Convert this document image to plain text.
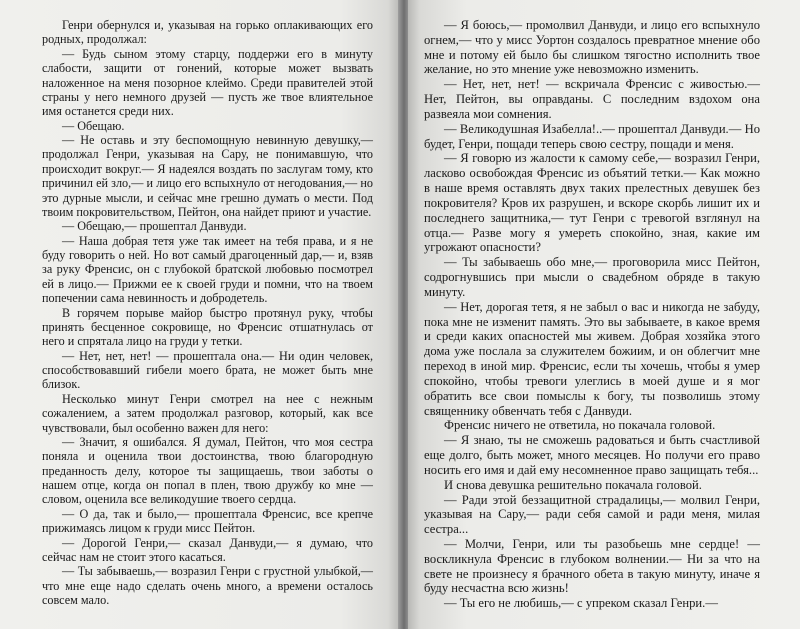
Генри обернулся и, указывая на горько оплакивающих его родных, продолжал:

— Будь сыном этому старцу, поддержи его в минуту слабости, защити от гонений, которые может вызвать наложенное на меня позорное клеймо. Среди правителей этой страны у него немного друзей — пусть же твое влиятельное имя останется среди них.

— Обещаю.

— Не оставь и эту беспомощную невинную девушку,— продолжал Генри, указывая на Сару, не понимавшую, что происходит вокруг.— Я надеялся воздать по заслугам тому, кто причинил ей зло,— и лицо его вспыхнуло от негодования,— но это дурные мысли, и сейчас мне грешно думать о мести. Под твоим покровительством, Пейтон, она найдет приют и участие.

— Обещаю,— прошептал Данвуди.

— Наша добрая тетя уже так имеет на тебя права, и я не буду говорить о ней. Но вот самый драгоценный дар,— и, взяв за руку Френсис, он с глубокой братской любовью посмотрел ей в лицо.— Прижми ее к своей груди и помни, что на твоем попечении сама невинность и добродетель.

В горячем порыве майор быстро протянул руку, чтобы принять бесценное сокровище, но Френсис отшатнулась от него и спрятала лицо на груди у тетки.

— Нет, нет, нет! — прошептала она.— Ни один человек, способствовавший гибели моего брата, не может быть мне близок.

Несколько минут Генри смотрел на нее с нежным сожалением, а затем продолжал разговор, который, как все чувствовали, был особенно важен для него:

— Значит, я ошибался. Я думал, Пейтон, что моя сестра поняла и оценила твои достоинства, твою благородную преданность делу, которое ты защищаешь, твои заботы о нашем отце, когда он попал в плен, твою дружбу ко мне — словом, оценила все великодушие твоего сердца.

— О да, так и было,— прошептала Френсис, все крепче прижимаясь лицом к груди мисс Пейтон.

— Дорогой Генри,— сказал Данвуди,— я думаю, что сейчас нам не стоит этого касаться.

— Ты забываешь,— возразил Генри с грустной улыбкой,— что мне еще надо сделать очень много, а времени осталось совсем мало.

— Я боюсь,— промолвил Данвуди, и лицо его вспыхнуло огнем,— что у мисс Уортон создалось превратное мнение обо мне и потому ей было бы слишком тягостно исполнить твое желание, но это мнение уже невозможно изменить.

— Нет, нет, нет! — вскричала Френсис с живостью.— Нет, Пейтон, вы оправданы. С последним вздохом она развеяла мои сомнения.

— Великодушная Изабелла!..— прошептал Данвуди.— Но будет, Генри, пощади теперь свою сестру, пощади и меня.

— Я говорю из жалости к самому себе,— возразил Генри, ласково освобождая Френсис из объятий тетки.— Как можно в наше время оставлять двух таких прелестных девушек без покровителя? Кров их разрушен, и вскоре скорбь лишит их и последнего защитника,— тут Генри с тревогой взглянул на отца.— Разве могу я умереть спокойно, зная, какие им угрожают опасности?

— Ты забываешь обо мне,— проговорила мисс Пейтон, содрогнувшись при мысли о свадебном обряде в такую минуту.

— Нет, дорогая тетя, я не забыл о вас и никогда не забуду, пока мне не изменит память. Это вы забываете, в какое время и среди каких опасностей мы живем. Добрая хозяйка этого дома уже послала за служителем божиим, и он облегчит мне переход в иной мир. Френсис, если ты хочешь, чтобы я умер спокойно, чтобы тревоги улеглись в моей душе и я мог обратить все свои помыслы к богу, ты позволишь этому священнику обвенчать тебя с Данвуди.

Френсис ничего не ответила, но покачала головой.

— Я знаю, ты не сможешь радоваться и быть счастливой еще долго, быть может, много месяцев. Но получи его право носить его имя и дай ему несомненное право защищать тебя...

И снова девушка решительно покачала головой.

— Ради этой беззащитной страдалицы,— молвил Генри, указывая на Сару,— ради себя самой и ради меня, милая сестра...

— Молчи, Генри, или ты разобьешь мне сердце! — воскликнула Френсис в глубоком волнении.— Ни за что на свете не произнесу я брачного обета в такую минуту, иначе я буду несчастна всю жизнь!

— Ты его не любишь,— с упреком сказал Генри.—
